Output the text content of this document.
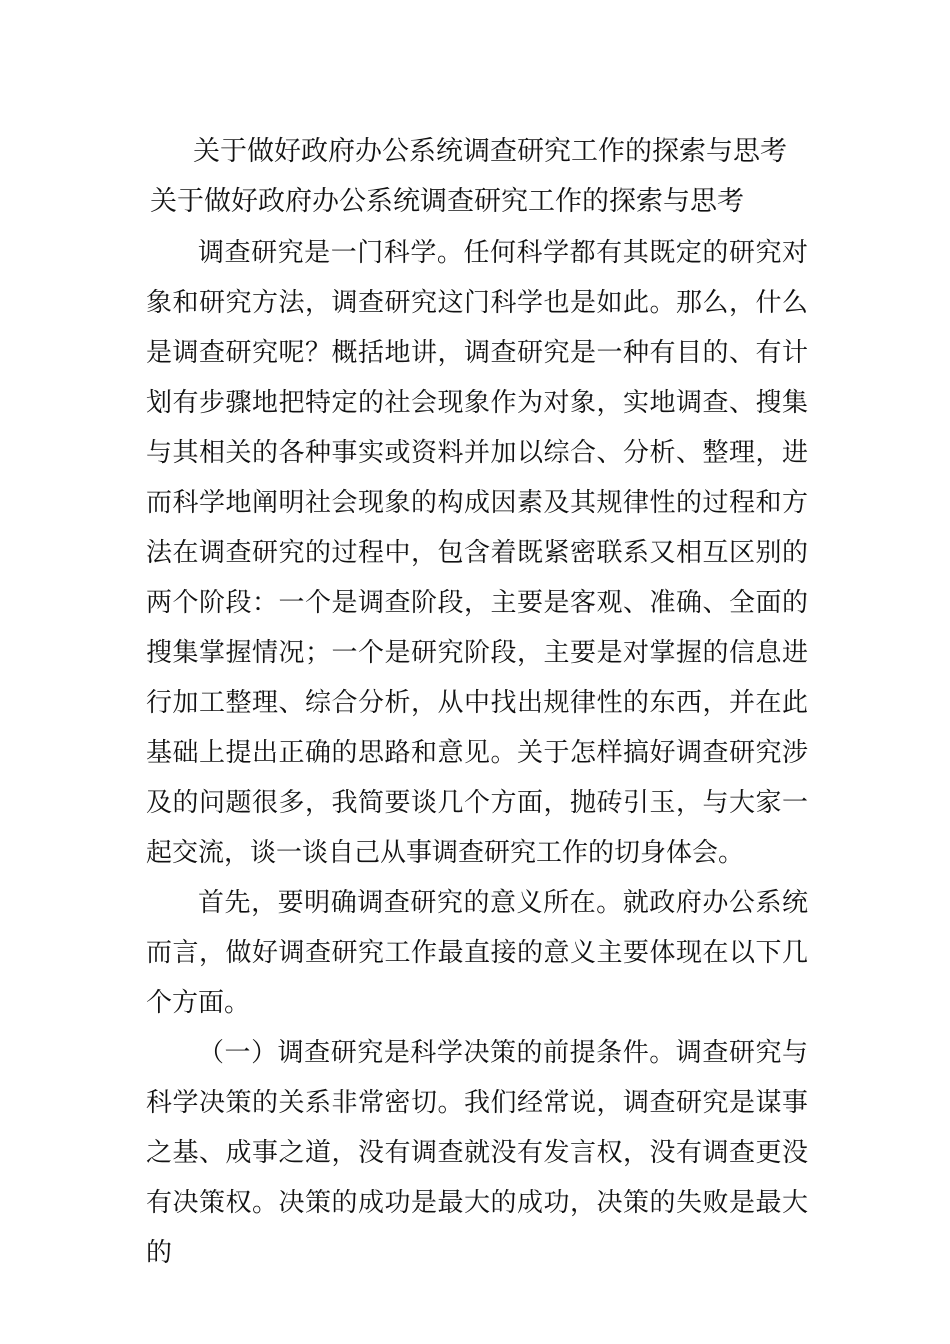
关于做好政府办公系统调查研究工作的探索与思考
关于做好政府办公系统调查研究工作的探索与思考

调查研究是一门科学。任何科学都有其既定的研究对象和研究方法，调查研究这门科学也是如此。那么，什么是调查研究呢？概括地讲，调查研究是一种有目的、有计划有步骤地把特定的社会现象作为对象，实地调查、搜集与其相关的各种事实或资料并加以综合、分析、整理，进而科学地阐明社会现象的构成因素及其规律性的过程和方法在调查研究的过程中，包含着既紧密联系又相互区别的两个阶段：一个是调查阶段，主要是客观、准确、全面的搜集掌握情况；一个是研究阶段，主要是对掌握的信息进行加工整理、综合分析，从中找出规律性的东西，并在此基础上提出正确的思路和意见。关于怎样搞好调查研究涉及的问题很多，我简要谈几个方面，抛砖引玉，与大家一起交流，谈一谈自己从事调查研究工作的切身体会。

首先，要明确调查研究的意义所在。就政府办公系统而言，做好调查研究工作最直接的意义主要体现在以下几个方面。

（一）调查研究是科学决策的前提条件。调查研究与科学决策的关系非常密切。我们经常说，调查研究是谋事之基、成事之道，没有调查就没有发言权，没有调查更没有决策权。决策的成功是最大的成功，决策的失败是最大的
